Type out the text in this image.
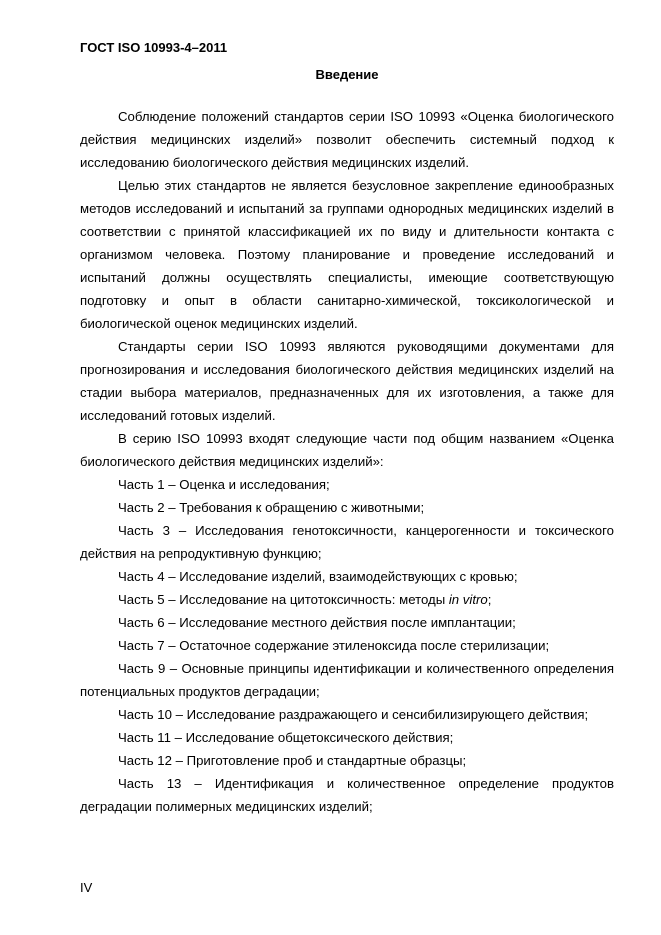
ГОСТ ISO 10993-4–2011
Введение

Соблюдение положений стандартов серии ISO 10993 «Оценка биологического действия медицинских изделий» позволит обеспечить системный подход к исследованию биологического действия медицинских изделий.

Целью этих стандартов не является безусловное закрепление единообразных методов исследований и испытаний за группами однородных медицинских изделий в соответствии с принятой классификацией их по виду и длительности контакта с организмом человека. Поэтому планирование и проведение исследований и испытаний должны осуществлять специалисты, имеющие соответствующую подготовку и опыт в области санитарно-химической, токсикологической и биологической оценок медицинских изделий.

Стандарты серии ISO 10993 являются руководящими документами для прогнозирования и исследования биологического действия медицинских изделий на стадии выбора материалов, предназначенных для их изготовления, а также для исследований готовых изделий.

В серию ISO 10993 входят следующие части под общим названием «Оценка биологического действия медицинских изделий»:

Часть 1 – Оценка и исследования;

Часть 2 – Требования к обращению с животными;

Часть 3 – Исследования генотоксичности, канцерогенности и токсического действия на репродуктивную функцию;

Часть 4 – Исследование изделий, взаимодействующих с кровью;

Часть 5 – Исследование на цитотоксичность: методы in vitro;

Часть 6 – Исследование местного действия после имплантации;

Часть 7 – Остаточное содержание этиленоксида после стерилизации;

Часть 9 – Основные принципы идентификации и количественного определения потенциальных продуктов деградации;

Часть 10 – Исследование раздражающего и сенсибилизирующего действия;

Часть 11 – Исследование общетоксического действия;

Часть 12 – Приготовление проб и стандартные образцы;

Часть 13 – Идентификация и количественное определение продуктов деградации полимерных медицинских изделий;

IV
